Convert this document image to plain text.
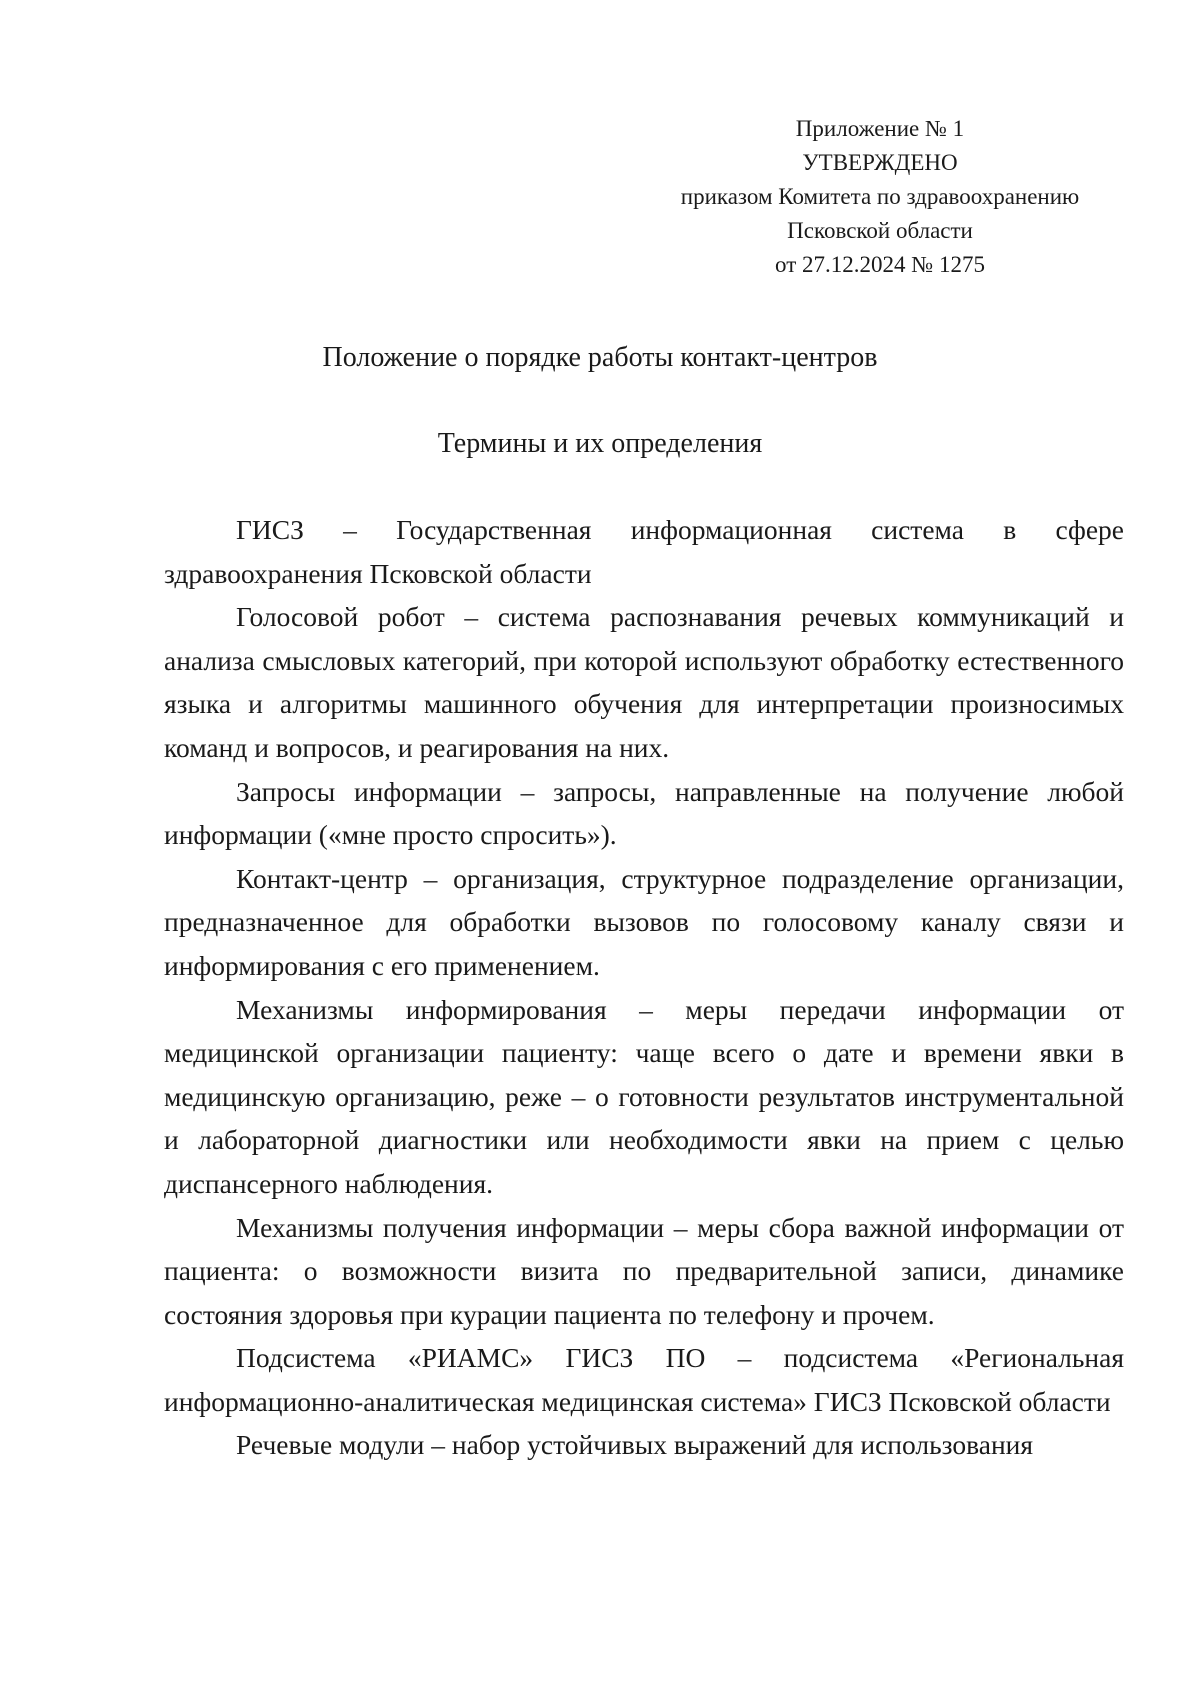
Приложение № 1
УТВЕРЖДЕНО
приказом Комитета по здравоохранению
Псковской области
от 27.12.2024 № 1275
Положение о порядке работы контакт-центров
Термины и их определения

ГИСЗ – Государственная информационная система в сфере здравоохранения Псковской области

Голосовой робот – система распознавания речевых коммуникаций и анализа смысловых категорий, при которой используют обработку естественного языка и алгоритмы машинного обучения для интерпретации произносимых команд и вопросов, и реагирования на них.

Запросы информации – запросы, направленные на получение любой информации («мне просто спросить»).

Контакт-центр – организация, структурное подразделение организации, предназначенное для обработки вызовов по голосовому каналу связи и информирования с его применением.

Механизмы информирования – меры передачи информации от медицинской организации пациенту: чаще всего о дате и времени явки в медицинскую организацию, реже – о готовности результатов инструментальной и лабораторной диагностики или необходимости явки на прием с целью диспансерного наблюдения.

Механизмы получения информации – меры сбора важной информации от пациента: о возможности визита по предварительной записи, динамике состояния здоровья при курации пациента по телефону и прочем.

Подсистема «РИАМС» ГИСЗ ПО – подсистема «Региональная информационно-аналитическая медицинская система» ГИСЗ Псковской области

Речевые модули – набор устойчивых выражений для использования
